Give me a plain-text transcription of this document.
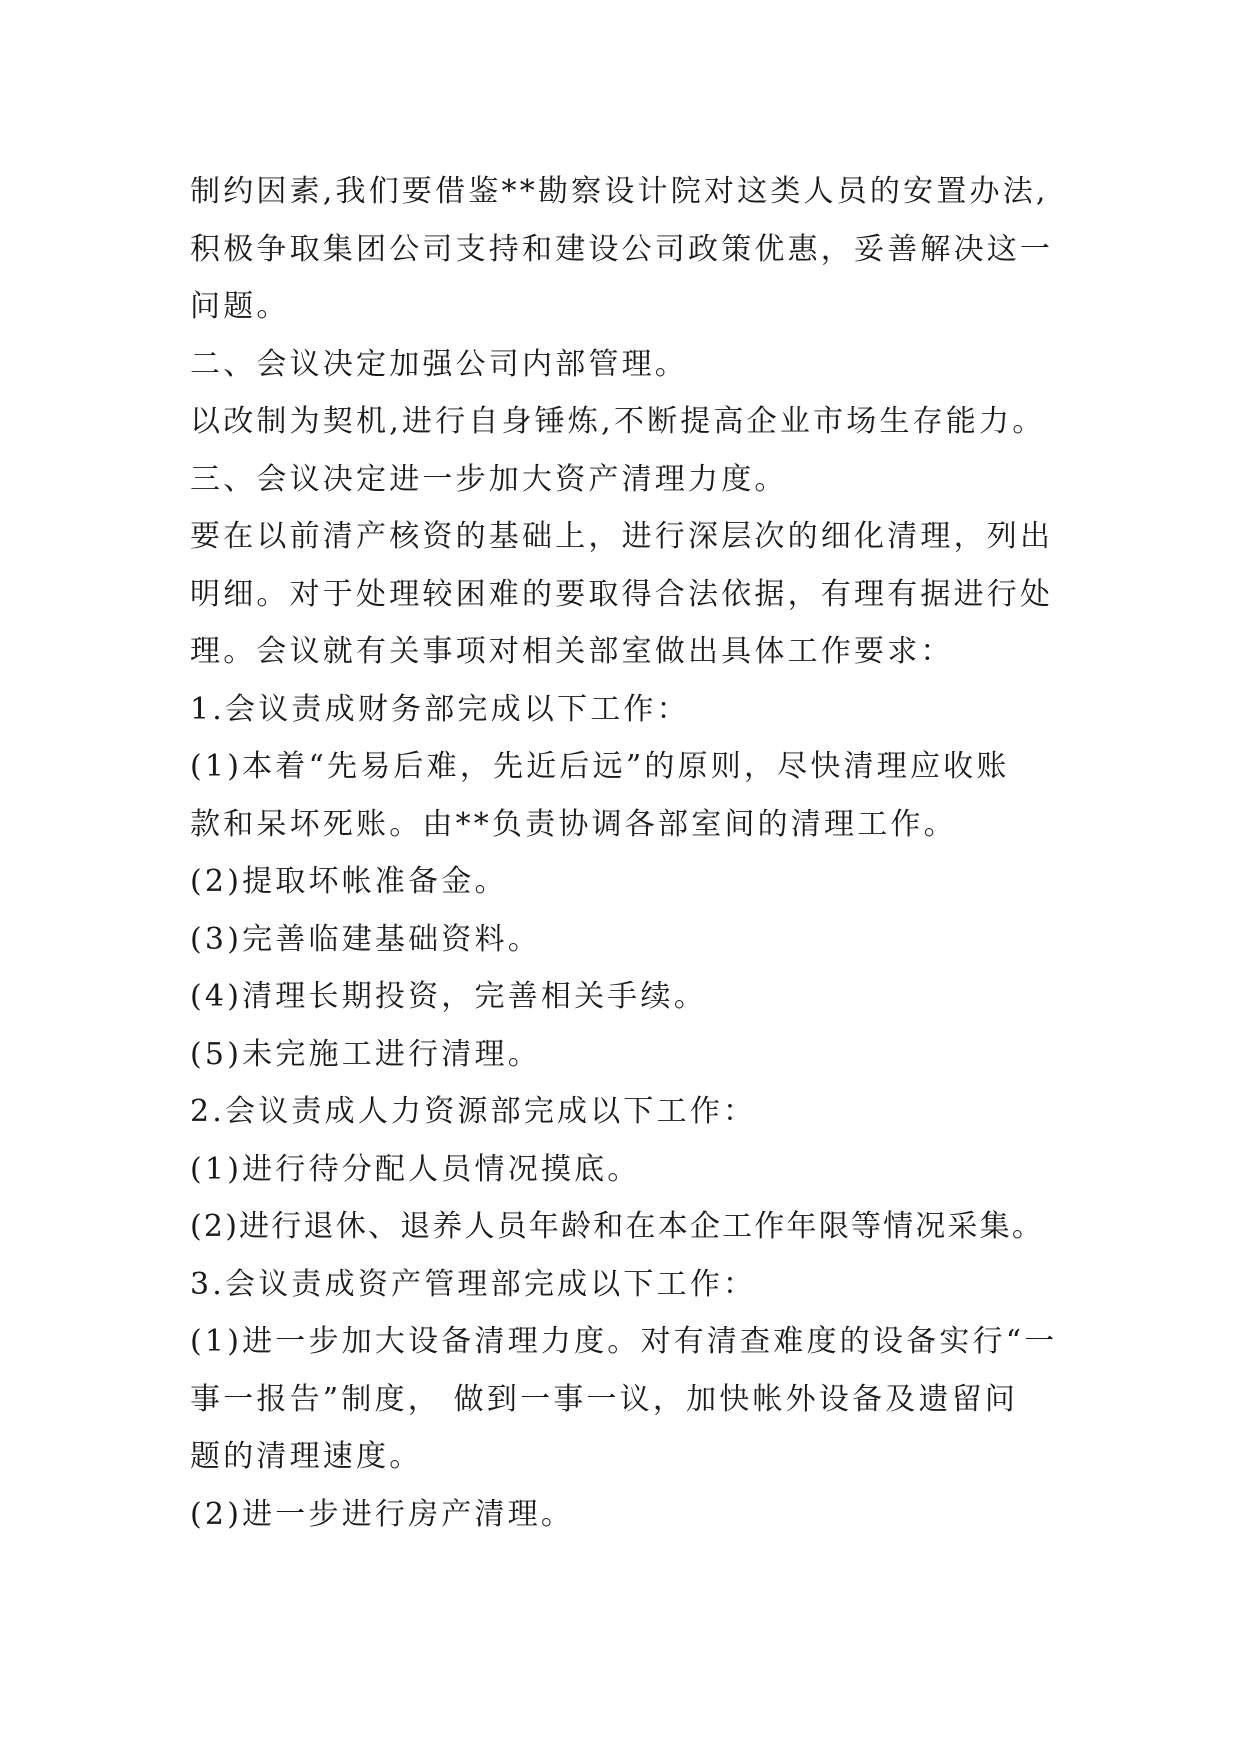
制约因素,我们要借鉴**勘察设计院对这类人员的安置办法,
积极争取集团公司支持和建设公司政策优惠，妥善解决这一
问题。
二、会议决定加强公司内部管理。
以改制为契机,进行自身锤炼,不断提高企业市场生存能力。
三、会议决定进一步加大资产清理力度。
要在以前清产核资的基础上，进行深层次的细化清理，列出
明细。对于处理较困难的要取得合法依据，有理有据进行处
理。会议就有关事项对相关部室做出具体工作要求：
1.会议责成财务部完成以下工作：
(1)本着“先易后难，先近后远”的原则，尽快清理应收账
款和呆坏死账。由**负责协调各部室间的清理工作。
(2)提取坏帐准备金。
(3)完善临建基础资料。
(4)清理长期投资，完善相关手续。
(5)未完施工进行清理。
2.会议责成人力资源部完成以下工作：
(1)进行待分配人员情况摸底。
(2)进行退休、退养人员年龄和在本企工作年限等情况采集。
3.会议责成资产管理部完成以下工作：
(1)进一步加大设备清理力度。对有清查难度的设备实行“一
事一报告”制度， 做到一事一议，加快帐外设备及遗留问
题的清理速度。
(2)进一步进行房产清理。
